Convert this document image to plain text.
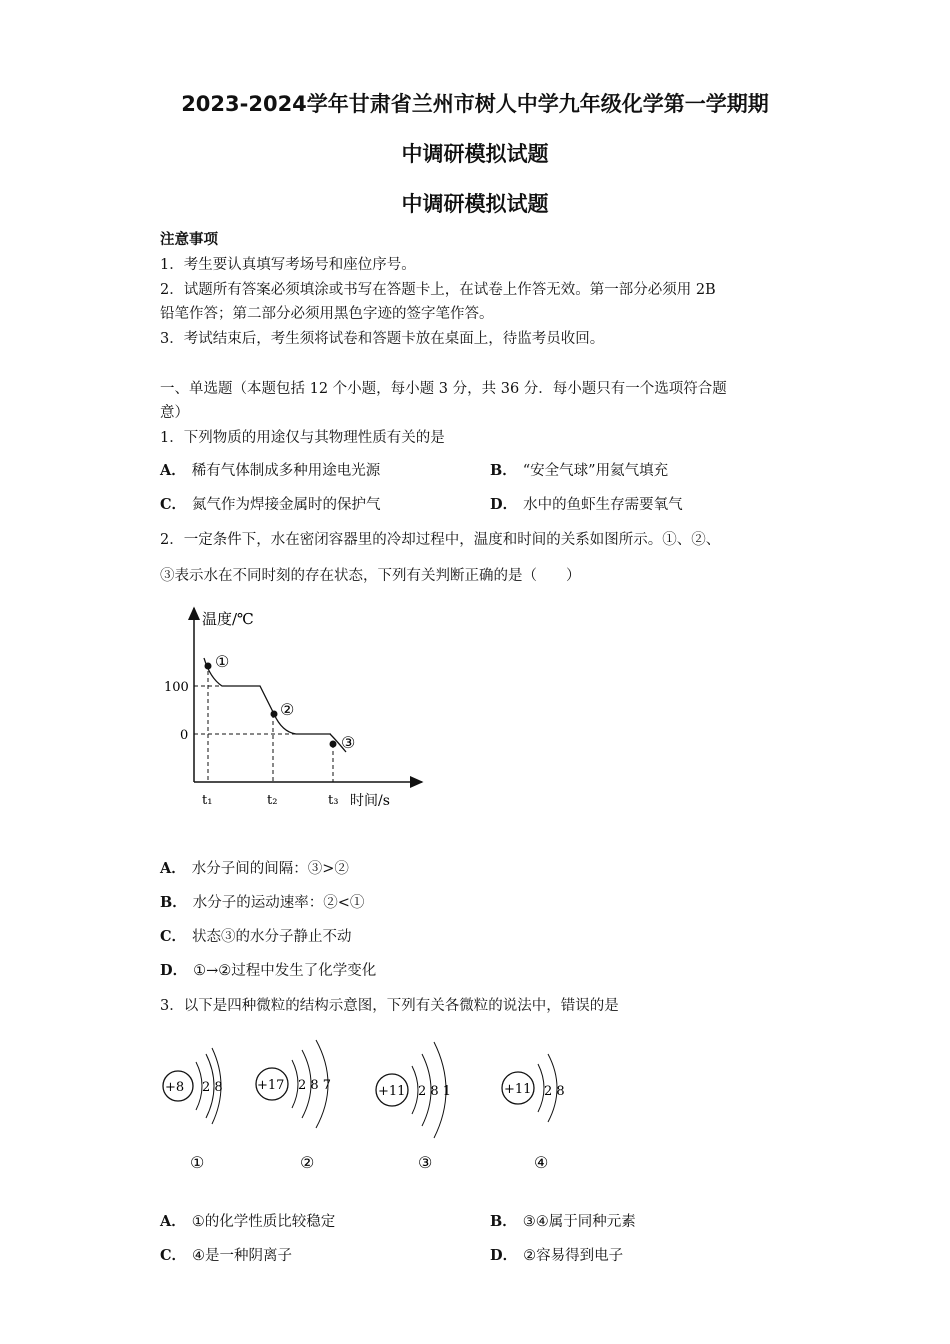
2023-2024学年甘肃省兰州市树人中学九年级化学第一学期期
中调研模拟试题
中调研模拟试题
注意事项
1．考生要认真填写考场号和座位序号。
2．试题所有答案必须填涂或书写在答题卡上，在试卷上作答无效。第一部分必须用 2B
铅笔作答；第二部分必须用黑色字迹的签字笔作答。
3．考试结束后，考生须将试卷和答题卡放在桌面上，待监考员收回。
一、单选题（本题包括 12 个小题，每小题 3 分，共 36 分．每小题只有一个选项符合题
意）
1．下列物质的用途仅与其物理性质有关的是
A． 稀有气体制成多种用途电光源	B． “安全气球”用氦气填充
C． 氮气作为焊接金属时的保护气	D． 水中的鱼虾生存需要氧气
2．一定条件下，水在密闭容器里的冷却过程中，温度和时间的关系如图所示。①、②、
③表示水在不同时刻的存在状态，下列有关判断正确的是（　　）
温度/℃
时间/s
100
0
t₁	t₂	t₃
①
②
③
A． 水分子间的间隔：③>②
B． 水分子的运动速率：②<①
C． 状态③的水分子静止不动
D． ①→②过程中发生了化学变化
3．以下是四种微粒的结构示意图，下列有关各微粒的说法中，错误的是
+8 2 8
①
+17 2 8 7
②
+11 2 8 1
③
+11 2 8
④
A． ①的化学性质比较稳定	B． ③④属于同种元素
C． ④是一种阴离子	D． ②容易得到电子
